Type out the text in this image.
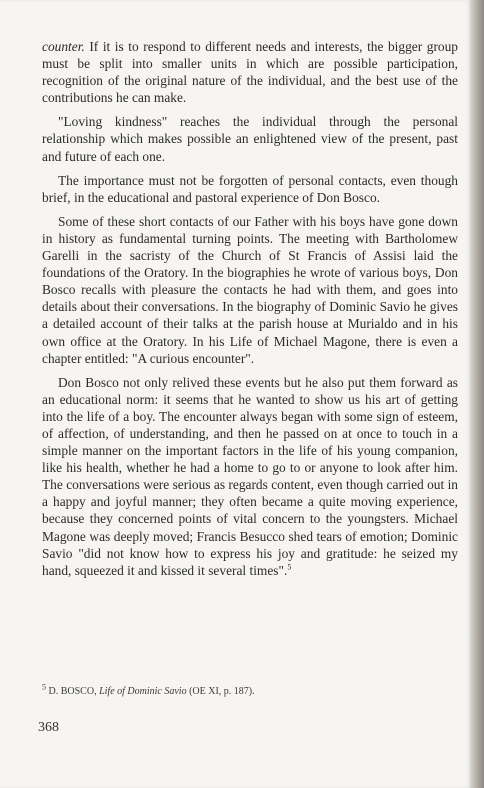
counter. If it is to respond to different needs and interests, the bigger group must be split into smaller units in which are possible participation, recognition of the original nature of the individual, and the best use of the contributions he can make.

"Loving kindness" reaches the individual through the personal relationship which makes possible an enlightened view of the present, past and future of each one.

The importance must not be forgotten of personal contacts, even though brief, in the educational and pastoral experience of Don Bosco.

Some of these short contacts of our Father with his boys have gone down in history as fundamental turning points. The meeting with Bartholomew Garelli in the sacristy of the Church of St Francis of Assisi laid the foundations of the Oratory. In the biographies he wrote of various boys, Don Bosco recalls with pleasure the contacts he had with them, and goes into details about their conversations. In the biography of Dominic Savio he gives a detailed account of their talks at the parish house at Murialdo and in his own office at the Oratory. In his Life of Michael Magone, there is even a chapter entitled: "A curious encounter".

Don Bosco not only relived these events but he also put them forward as an educational norm: it seems that he wanted to show us his art of getting into the life of a boy. The encounter always began with some sign of esteem, of affection, of understanding, and then he passed on at once to touch in a simple manner on the important factors in the life of his young companion, like his health, whether he had a home to go to or anyone to look after him. The conversations were serious as regards content, even though carried out in a happy and joyful manner; they often became a quite moving experience, because they concerned points of vital concern to the youngsters. Michael Magone was deeply moved; Francis Besucco shed tears of emotion; Dominic Savio "did not know how to express his joy and gratitude: he seized my hand, squeezed it and kissed it several times".$^5$

$^5$ D. BOSCO, Life of Dominic Savio (OE XI, p. 187).
368
